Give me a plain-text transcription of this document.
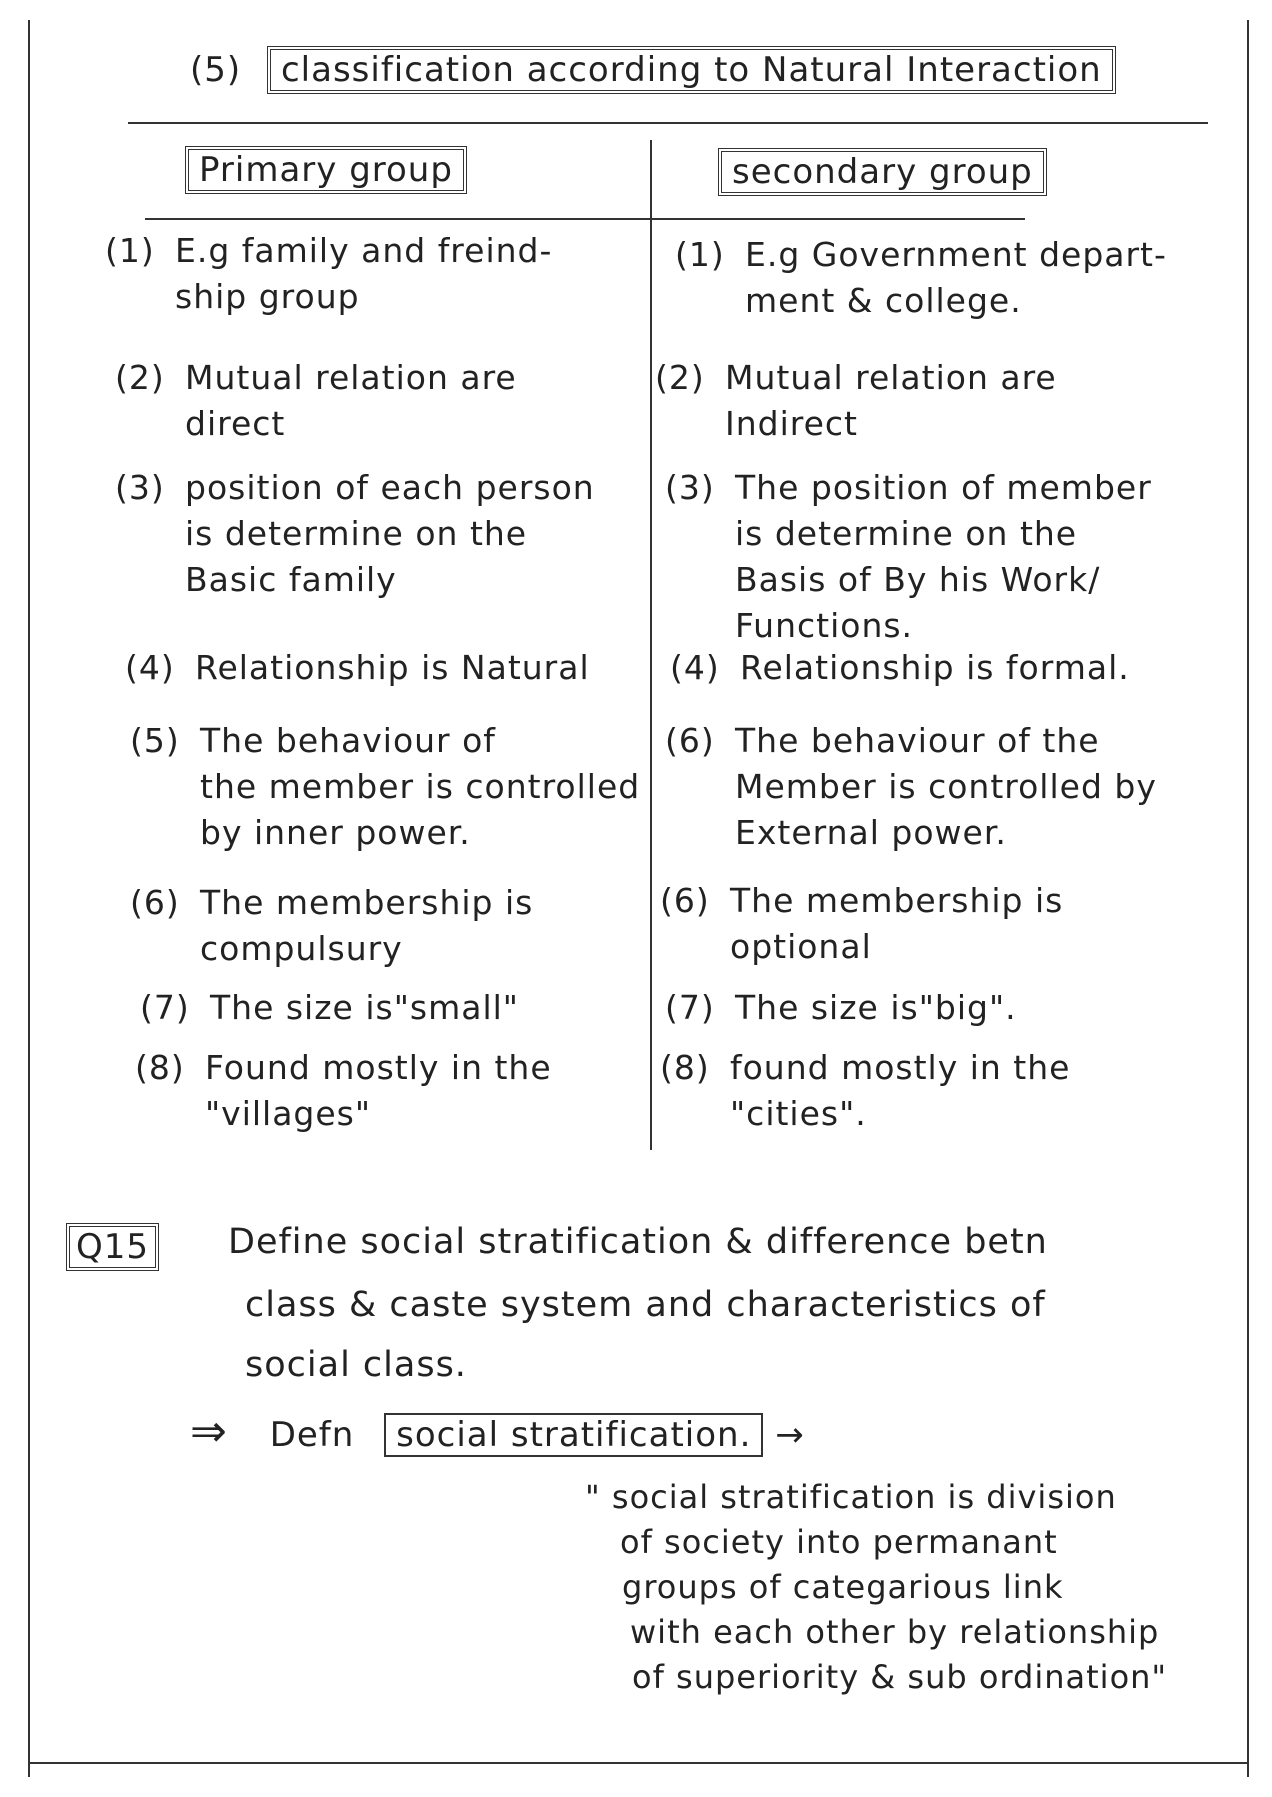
(5) classification according to Natural Interaction
Primary group	secondary group
(1) E.g family and freind-
ship group
(2) Mutual relation are
direct
(3) position of each person
is determine on the
Basic family
(4) Relationship is Natural
(5) The behaviour of
the member is controlled
by inner power.
(6) The membership is
compulsury
(7) The size is"small"
(8) Found mostly in the
"villages"
(1) E.g Government depart-
ment & college.
(2) Mutual relation are
Indirect
(3) The position of member
is determine on the
Basis of By his Work/
Functions.
(4) Relationship is formal.
(6) The behaviour of the
Member is controlled by
External power.
(6) The membership is
optional
(7) The size is"big".
(8) found mostly in the
"cities".
Q15 Define social stratification & difference betn
class & caste system and characteristics of
social class.
⇒ Defn social stratification. →
" social stratification is division
of society into permanant
groups of categarious link
with each other by relationship
of superiority & sub ordination"
